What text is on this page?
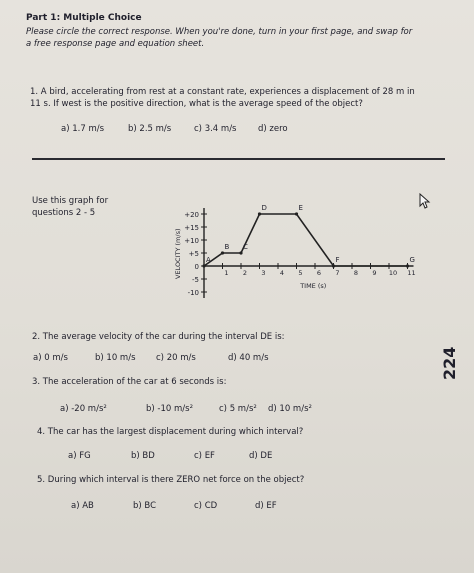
Part 1: Multiple Choice
Please circle the correct response. When you're done, turn in your first page, and swap for
a free response page and equation sheet.
1. A bird, accelerating from rest at a constant rate, experiences a displacement of 28 m in
11 s. If west is the positive direction, what is the average speed of the object?
a) 1.7 m/s	b) 2.5 m/s	c) 3.4 m/s	d) zero
Use this graph for
questions 2 - 5	+20
+15
+10
+5
0
-5
-10
1 2 3 4 5 6 7 8 9 10 11
TIME (s)
VELOCITY (m/s)	A
B C
D	E
F	G
2. The average velocity of the car during the interval DE is:
a) 0 m/s	b) 10 m/s c) 20 m/s	d) 40 m/s	224
3. The acceleration of the car at 6 seconds is:
a) -20 m/s²	b) -10 m/s²	c) 5 m/s² d) 10 m/s²
4. The car has the largest displacement during which interval?
a) FG	b) BD	c) EF	d) DE
5. During which interval is there ZERO net force on the object?
a) AB	b) BC	c) CD	d) EF
